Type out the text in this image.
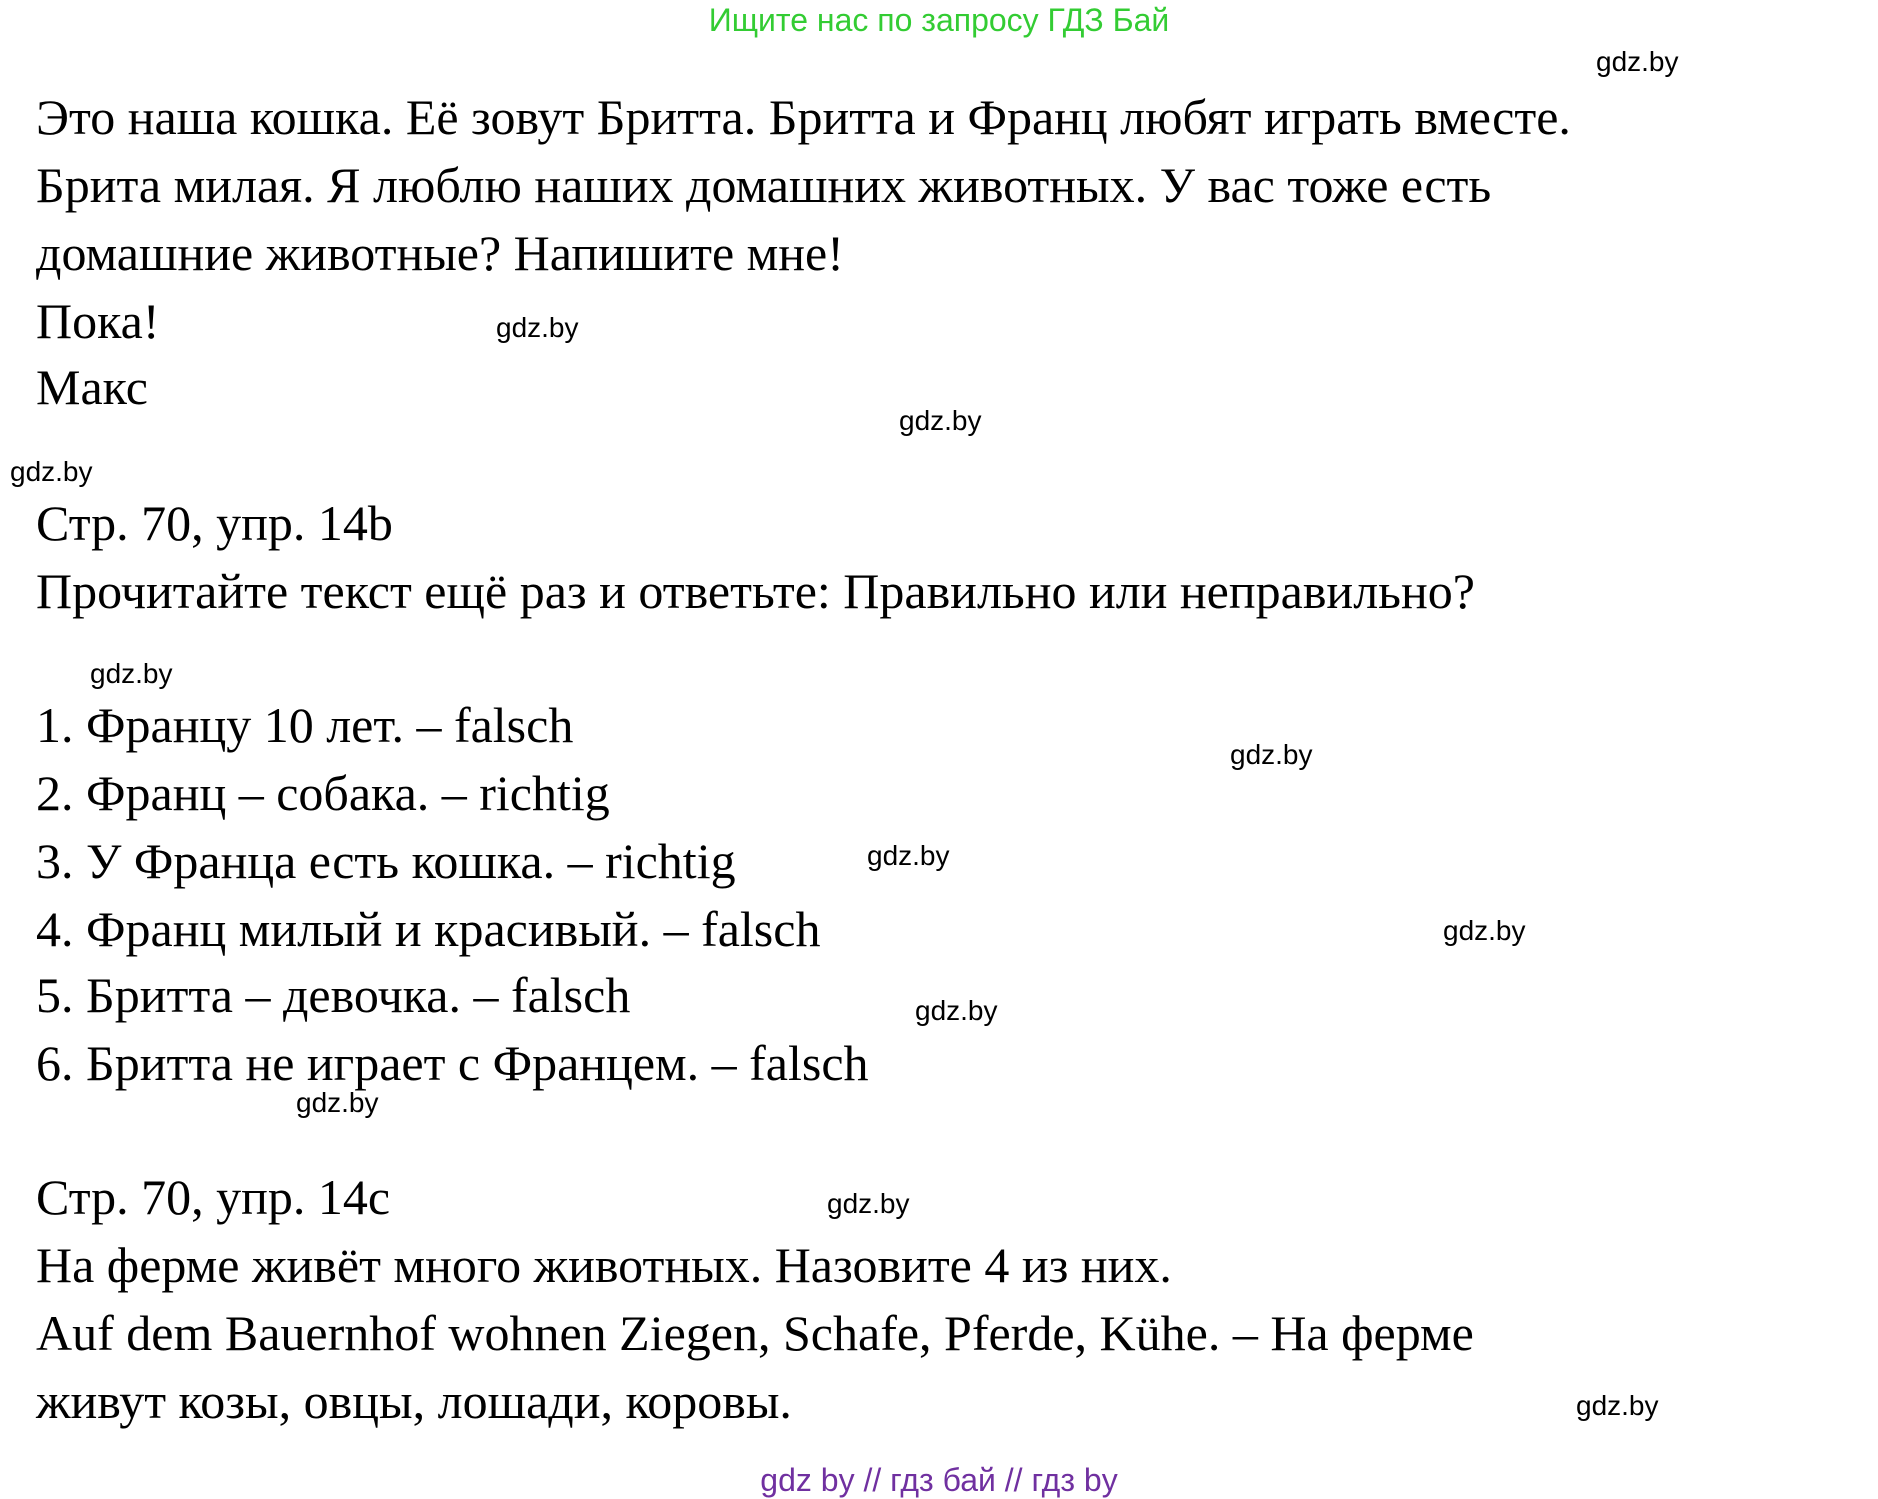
Ищите нас по запросу ГДЗ Бай
Это наша кошка. Её зовут Бритта. Бритта и Франц любят играть вместе.
Брита милая. Я люблю наших домашних животных. У вас тоже есть
домашние животные? Напишите мне!
Пока!
Макс
Стр. 70, упр. 14b
Прочитайте текст ещё раз и ответьте: Правильно или неправильно?
1. Францу 10 лет. – falsch
2. Франц – собака. – richtig
3. У Франца есть кошка. – richtig
4. Франц милый и красивый. – falsch
5. Бритта – девочка. – falsch
6. Бритта не играет с Францем. – falsch
Стр. 70, упр. 14c
На ферме живёт много животных. Назовите 4 из них.
Auf dem Bauernhof wohnen Ziegen, Schafe, Pferde, Kühe. – На ферме
живут козы, овцы, лошади, коровы.
gdz.by
gdz.by
gdz.by
gdz.by
gdz.by
gdz.by
gdz.by
gdz.by
gdz.by
gdz.by
gdz.by
gdz.by
gdz by // гдз бай // гдз by
